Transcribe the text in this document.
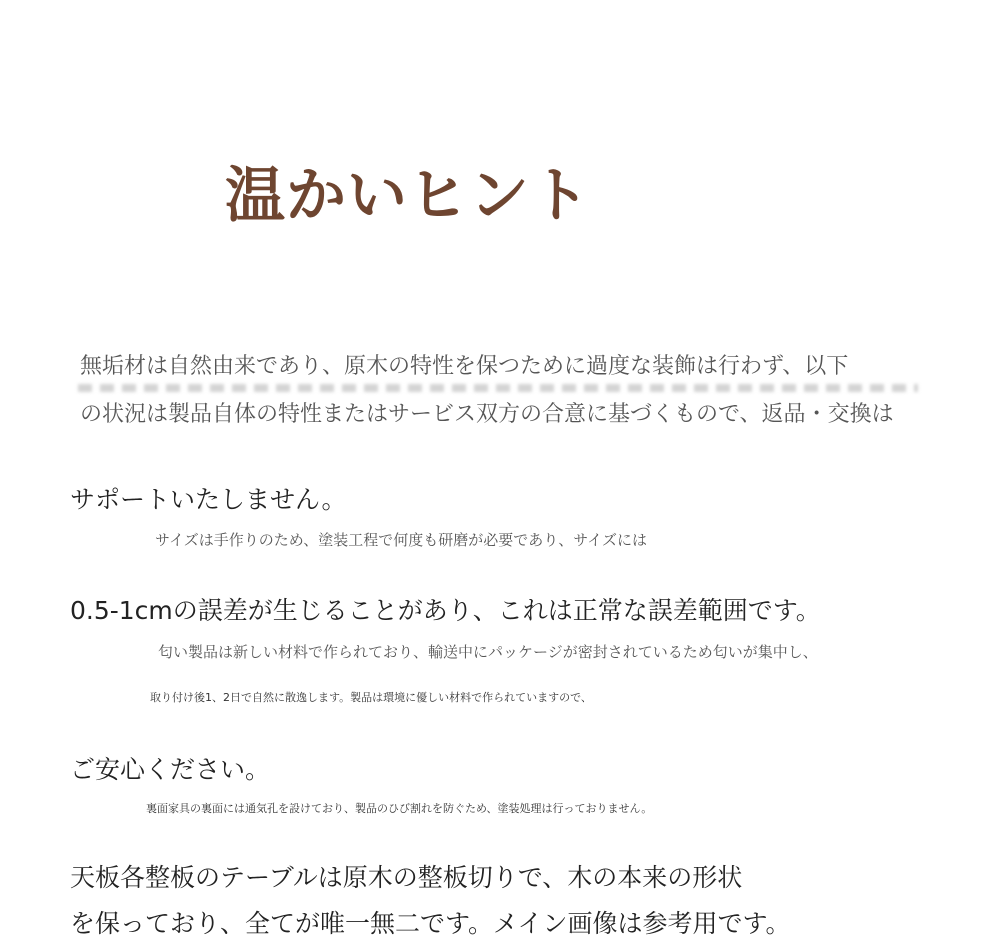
温かいヒント
無垢材は自然由来であり、原木の特性を保つために過度な装飾は行わず、以下
の状況は製品自体の特性またはサービス双方の合意に基づくもので、返品・交換は
サポートいたしません。
サイズは手作りのため、塗装工程で何度も研磨が必要であり、サイズには
0.5-1cmの誤差が生じることがあり、これは正常な誤差範囲です。
匂い製品は新しい材料で作られており、輸送中にパッケージが密封されているため匂いが集中し、
取り付け後1、2日で自然に散逸します。製品は環境に優しい材料で作られていますので、
ご安心ください。
裏面家具の裏面には通気孔を設けており、製品のひび割れを防ぐため、塗装処理は行っておりません。
天板各整板のテーブルは原木の整板切りで、木の本来の形状
を保っており、全てが唯一無二です。メイン画像は参考用です。
